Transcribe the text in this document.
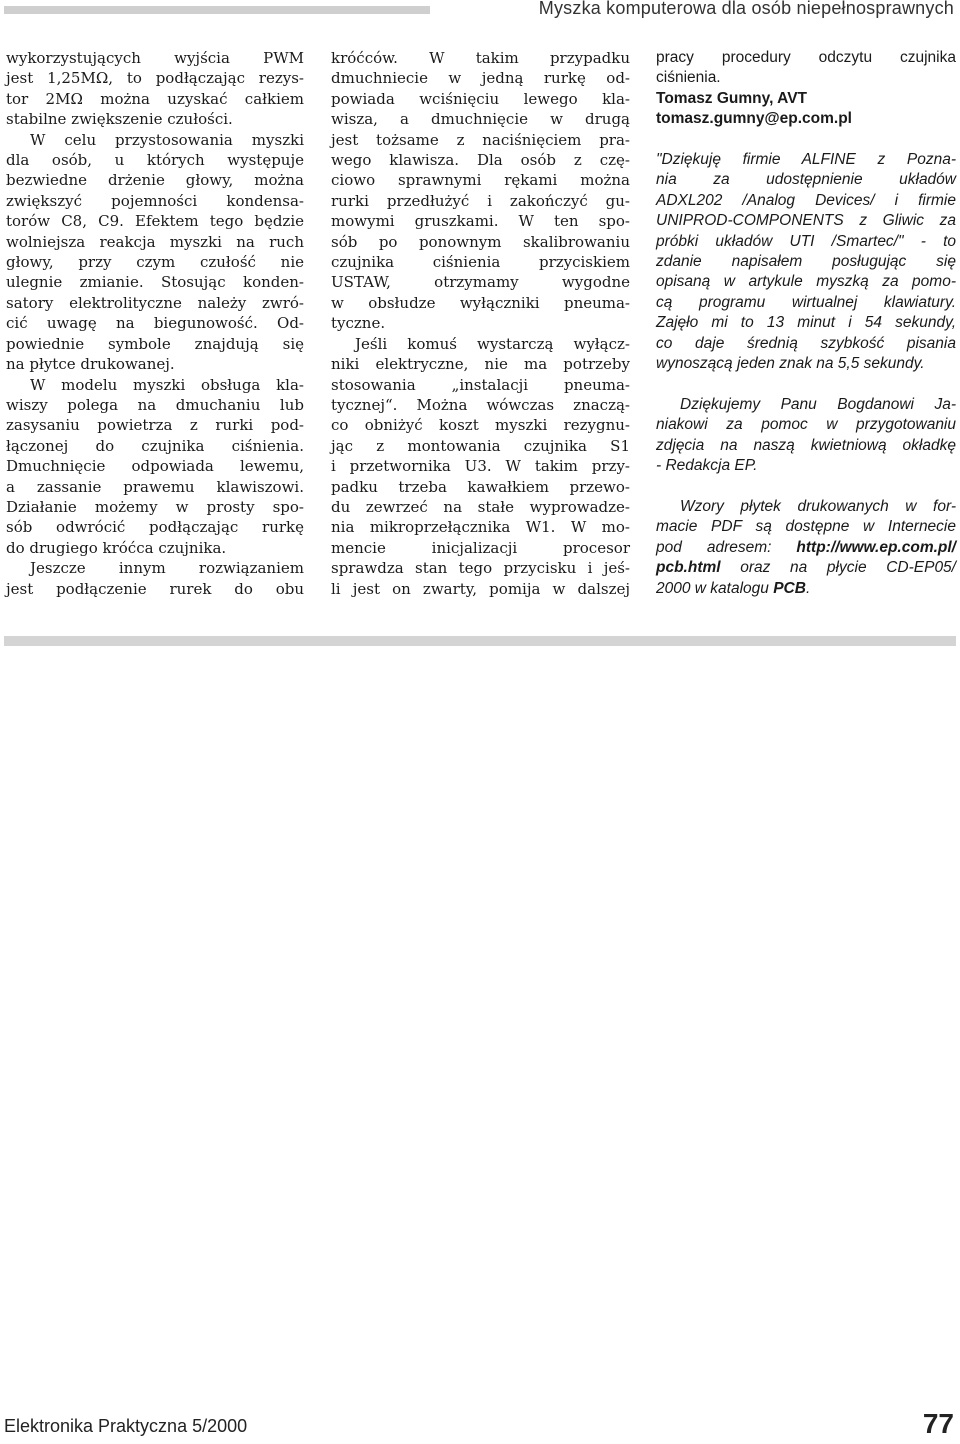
Myszka komputerowa dla osób niepełnosprawnych
wykorzystujących wyjścia PWM
jest 1,25MΩ, to podłączając rezys-
tor 2MΩ można uzyskać całkiem
stabilne zwiększenie czułości.
W celu przystosowania myszki
dla osób, u których występuje
bezwiedne drżenie głowy, można
zwiększyć pojemności kondensa-
torów C8, C9. Efektem tego będzie
wolniejsza reakcja myszki na ruch
głowy, przy czym czułość nie
ulegnie zmianie. Stosując konden-
satory elektrolityczne należy zwró-
cić uwagę na biegunowość. Od-
powiednie symbole znajdują się
na płytce drukowanej.
W modelu myszki obsługa kla-
wiszy polega na dmuchaniu lub
zasysaniu powietrza z rurki pod-
łączonej do czujnika ciśnienia.
Dmuchnięcie odpowiada lewemu,
a zassanie prawemu klawiszowi.
Działanie możemy w prosty spo-
sób odwrócić podłączając rurkę
do drugiego króćca czujnika.
Jeszcze innym rozwiązaniem
jest podłączenie rurek do obu
króćców. W takim przypadku
dmuchniecie w jedną rurkę od-
powiada wciśnięciu lewego kla-
wisza, a dmuchnięcie w drugą
jest tożsame z naciśnięciem pra-
wego klawisza. Dla osób z czę-
ciowo sprawnymi rękami można
rurki przedłużyć i zakończyć gu-
mowymi gruszkami. W ten spo-
sób po ponownym skalibrowaniu
czujnika ciśnienia przyciskiem
USTAW, otrzymamy wygodne
w obsłudze wyłączniki pneuma-
tyczne.
Jeśli komuś wystarczą wyłącz-
niki elektryczne, nie ma potrzeby
stosowania „instalacji pneuma-
tycznej“. Można wówczas znaczą-
co obniżyć koszt myszki rezygnu-
jąc z montowania czujnika S1
i przetwornika U3. W takim przy-
padku trzeba kawałkiem przewo-
du zewrzeć na stałe wyprowadze-
nia mikroprzełącznika W1. W mo-
mencie inicjalizacji procesor
sprawdza stan tego przycisku i jeś-
li jest on zwarty, pomija w dalszej
pracy procedury odczytu czujnika
ciśnienia.
Tomasz Gumny, AVT
tomasz.gumny@ep.com.pl
"Dziękuję firmie ALFINE z Pozna-
nia za udostępnienie układów
ADXL202 /Analog Devices/ i firmie
UNIPROD-COMPONENTS z Gliwic za
próbki układów UTI /Smartec/" - to
zdanie napisałem posługując się
opisaną w artykule myszką za pomo-
cą programu wirtualnej klawiatury.
Zajęło mi to 13 minut i 54 sekundy,
co daje średnią szybkość pisania
wynoszącą jeden znak na 5,5 sekundy.
Dziękujemy Panu Bogdanowi Ja-
niakowi za pomoc w przygotowaniu
zdjęcia na naszą kwietniową okładkę
- Redakcja EP.
Wzory płytek drukowanych w for-
macie PDF są dostępne w Internecie
pod adresem: http://www.ep.com.pl/
pcb.html oraz na płycie CD-EP05/
2000 w katalogu PCB.
Elektronika Praktyczna 5/2000	77
